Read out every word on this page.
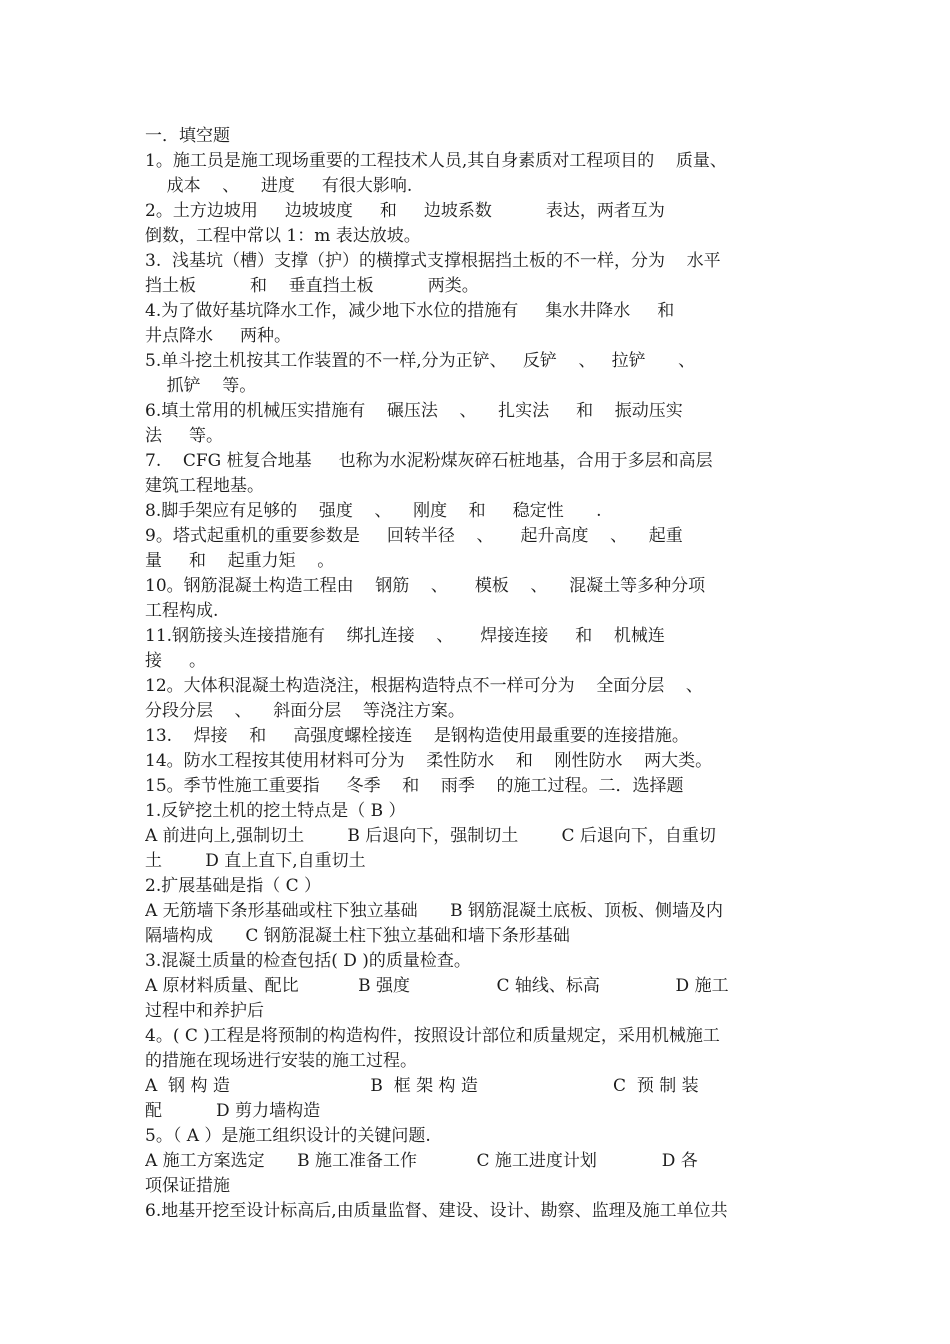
一．填空题
1。施工员是施工现场重要的工程技术人员,其自身素质对工程项目的    质量、
成本    、    进度     有很大影响.
2。土方边坡用     边坡坡度     和     边坡系数          表达，两者互为
倒数，工程中常以 1：m 表达放坡。
3.  浅基坑（槽）支撑（护）的横撑式支撑根据挡土板的不一样，分为    水平
挡土板          和    垂直挡土板          两类。
4.为了做好基坑降水工作，减少地下水位的措施有     集水井降水     和
井点降水     两种。
5.单斗挖土机按其工作装置的不一样,分为正铲、   反铲    、   拉铲      、
抓铲    等。
6.填土常用的机械压实措施有    碾压法    、    扎实法     和    振动压实
法     等。
7.    CFG 桩复合地基     也称为水泥粉煤灰碎石桩地基，合用于多层和高层
建筑工程地基。
8.脚手架应有足够的    强度    、    刚度    和     稳定性      .
9。塔式起重机的重要参数是     回转半径    、     起升高度    、    起重
量     和    起重力矩    。
10。钢筋混凝土构造工程由    钢筋    、     模板    、    混凝土等多种分项
工程构成.
11.钢筋接头连接措施有    绑扎连接    、     焊接连接     和    机械连
接     。
12。大体积混凝土构造浇注，根据构造特点不一样可分为    全面分层    、
分段分层    、    斜面分层    等浇注方案。
13.    焊接    和     高强度螺栓接连    是钢构造使用最重要的连接措施。
14。防水工程按其使用材料可分为    柔性防水    和    刚性防水    两大类。
15。季节性施工重要指     冬季    和    雨季    的施工过程。二．选择题
1.反铲挖土机的挖土特点是（ B ）
A 前进向上,强制切土        B 后退向下，强制切土        C 后退向下，自重切
土        D 直上直下,自重切土
2.扩展基础是指（ C ）
A 无筋墙下条形基础或柱下独立基础      B 钢筋混凝土底板、顶板、侧墙及内
隔墙构成      C 钢筋混凝土柱下独立基础和墙下条形基础
3.混凝土质量的检查包括( D )的质量检查。
A 原材料质量、配比           B 强度                C 轴线、标高              D 施工
过程中和养护后
4。( C )工程是将预制的构造构件，按照设计部位和质量规定，采用机械施工
的措施在现场进行安装的施工过程。
A  钢 构 造                          B  框 架 构 造                         C  预 制 装
配          D 剪力墙构造
5。（ A ）是施工组织设计的关键问题.
A 施工方案选定      B 施工准备工作           C 施工进度计划            D 各
项保证措施
6.地基开挖至设计标高后,由质量监督、建设、设计、勘察、监理及施工单位共
